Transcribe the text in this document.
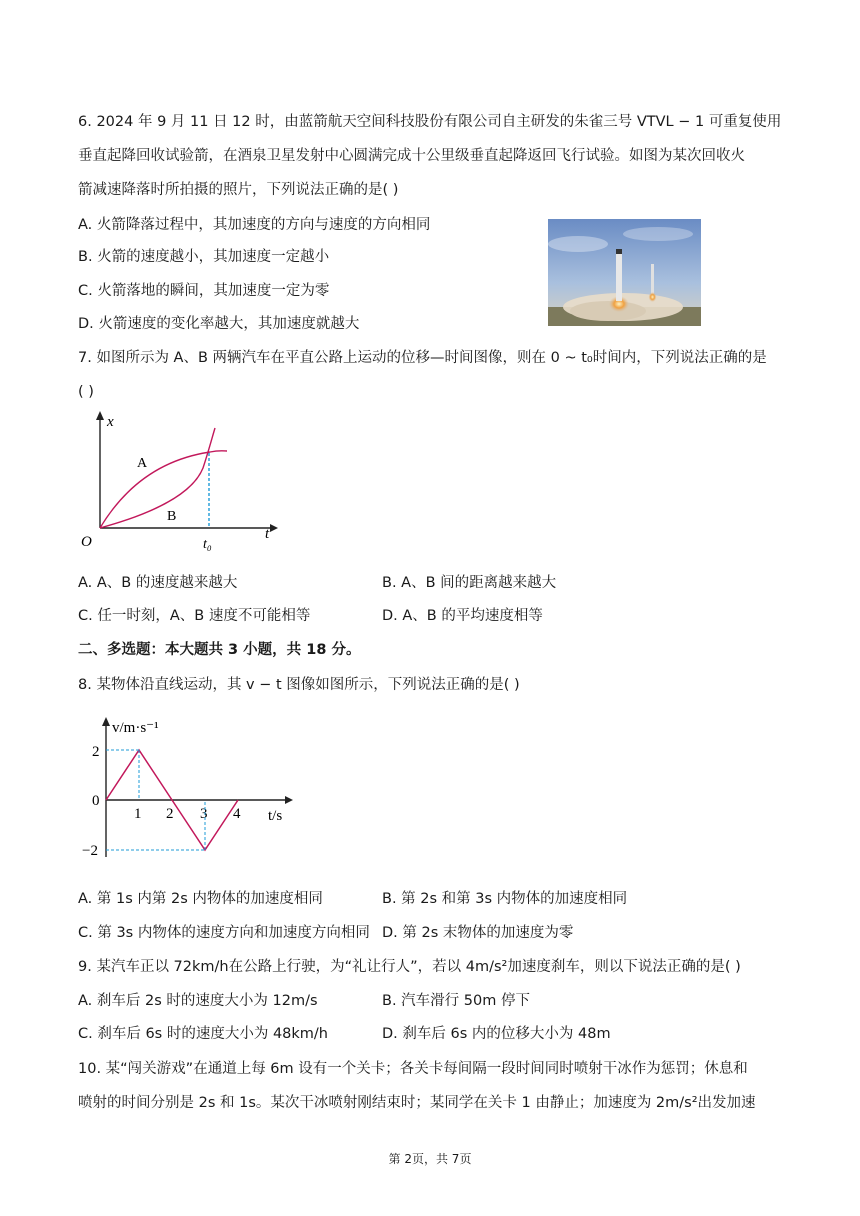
6. 2024 年 9 月 11 日 12 时，由蓝箭航天空间科技股份有限公司自主研发的朱雀三号 VTVL − 1 可重复使用
垂直起降回收试验箭，在酒泉卫星发射中心圆满完成十公里级垂直起降返回飞行试验。如图为某次回收火
箭减速降落时所拍摄的照片，下列说法正确的是( )
A. 火箭降落过程中，其加速度的方向与速度的方向相同
B. 火箭的速度越小，其加速度一定越小
C. 火箭落地的瞬间，其加速度一定为零
D. 火箭速度的变化率越大，其加速度就越大
7. 如图所示为 A、B 两辆汽车在平直公路上运动的位移—时间图像，则在 0 ~ t₀时间内，下列说法正确的是
( )
x
t
O	t₀
A
B
A. A、B 的速度越来越大	B. A、B 间的距离越来越大
C. 任一时刻，A、B 速度不可能相等	D. A、B 的平均速度相等
二、多选题：本大题共 3 小题，共 18 分。
8. 某物体沿直线运动，其 v − t 图像如图所示，下列说法正确的是( )
v/m·s⁻¹
t/s
2
0
−2
1 2 3 4
A. 第 1s 内第 2s 内物体的加速度相同	B. 第 2s 和第 3s 内物体的加速度相同
C. 第 3s 内物体的速度方向和加速度方向相同 D. 第 2s 末物体的加速度为零
9. 某汽车正以 72km/h在公路上行驶，为“礼让行人”，若以 4m/s²加速度刹车，则以下说法正确的是( )
A. 刹车后 2s 时的速度大小为 12m/s	B. 汽车滑行 50m 停下
C. 刹车后 6s 时的速度大小为 48km/h	D. 刹车后 6s 内的位移大小为 48m
10. 某“闯关游戏”在通道上每 6m 设有一个关卡；各关卡每间隔一段时间同时喷射干冰作为惩罚；休息和
喷射的时间分别是 2s 和 1s。某次干冰喷射刚结束时；某同学在关卡 1 由静止；加速度为 2m/s²出发加速
第 2页，共 7页
